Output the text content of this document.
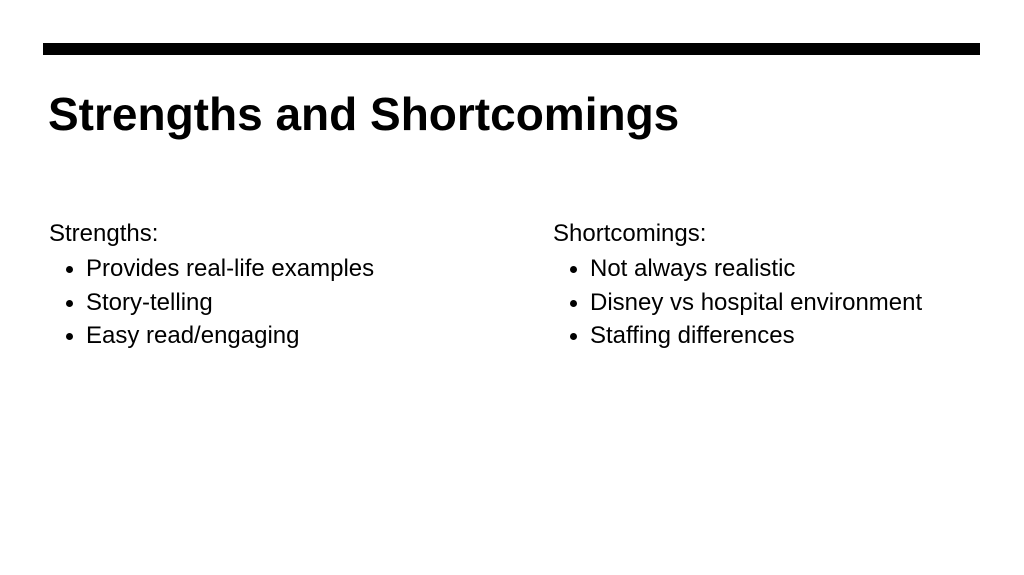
Strengths and Shortcomings
Strengths:
Provides real-life examples
Story-telling
Easy read/engaging
Shortcomings:
Not always realistic
Disney vs hospital environment
Staffing differences
